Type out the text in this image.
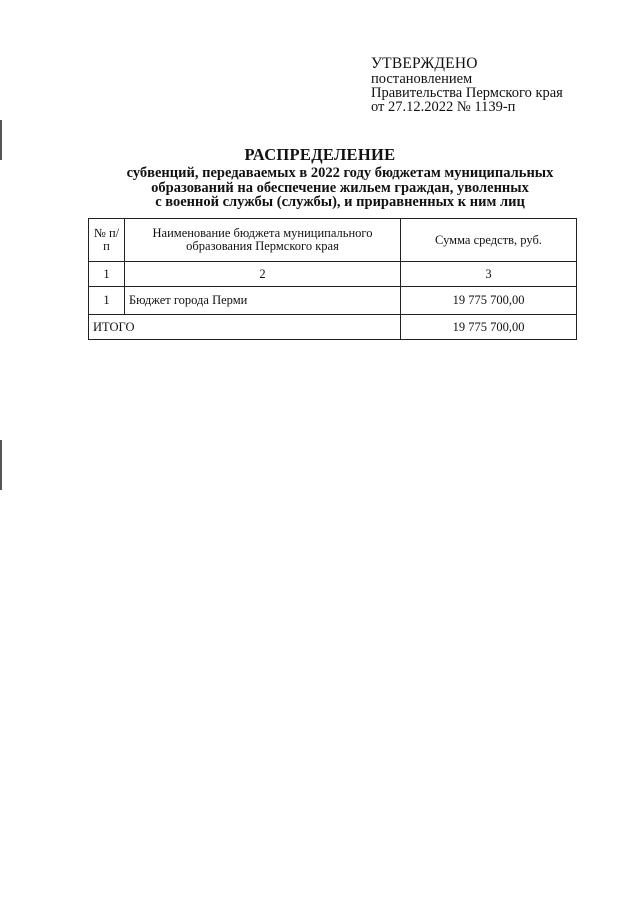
УТВЕРЖДЕНО
постановлением
Правительства Пермского края
от 27.12.2022 № 1139-п
РАСПРЕДЕЛЕНИЕ
субвенций, передаваемых в 2022 году бюджетам муниципальных
образований на обеспечение жильем граждан, уволенных
с военной службы (службы), и приравненных к ним лиц
№ п/п	Наименование бюджета муниципального образования Пермского края	Сумма средств, руб.
1	2	3
1	Бюджет города Перми	19 775 700,00
ИТОГО		19 775 700,00
